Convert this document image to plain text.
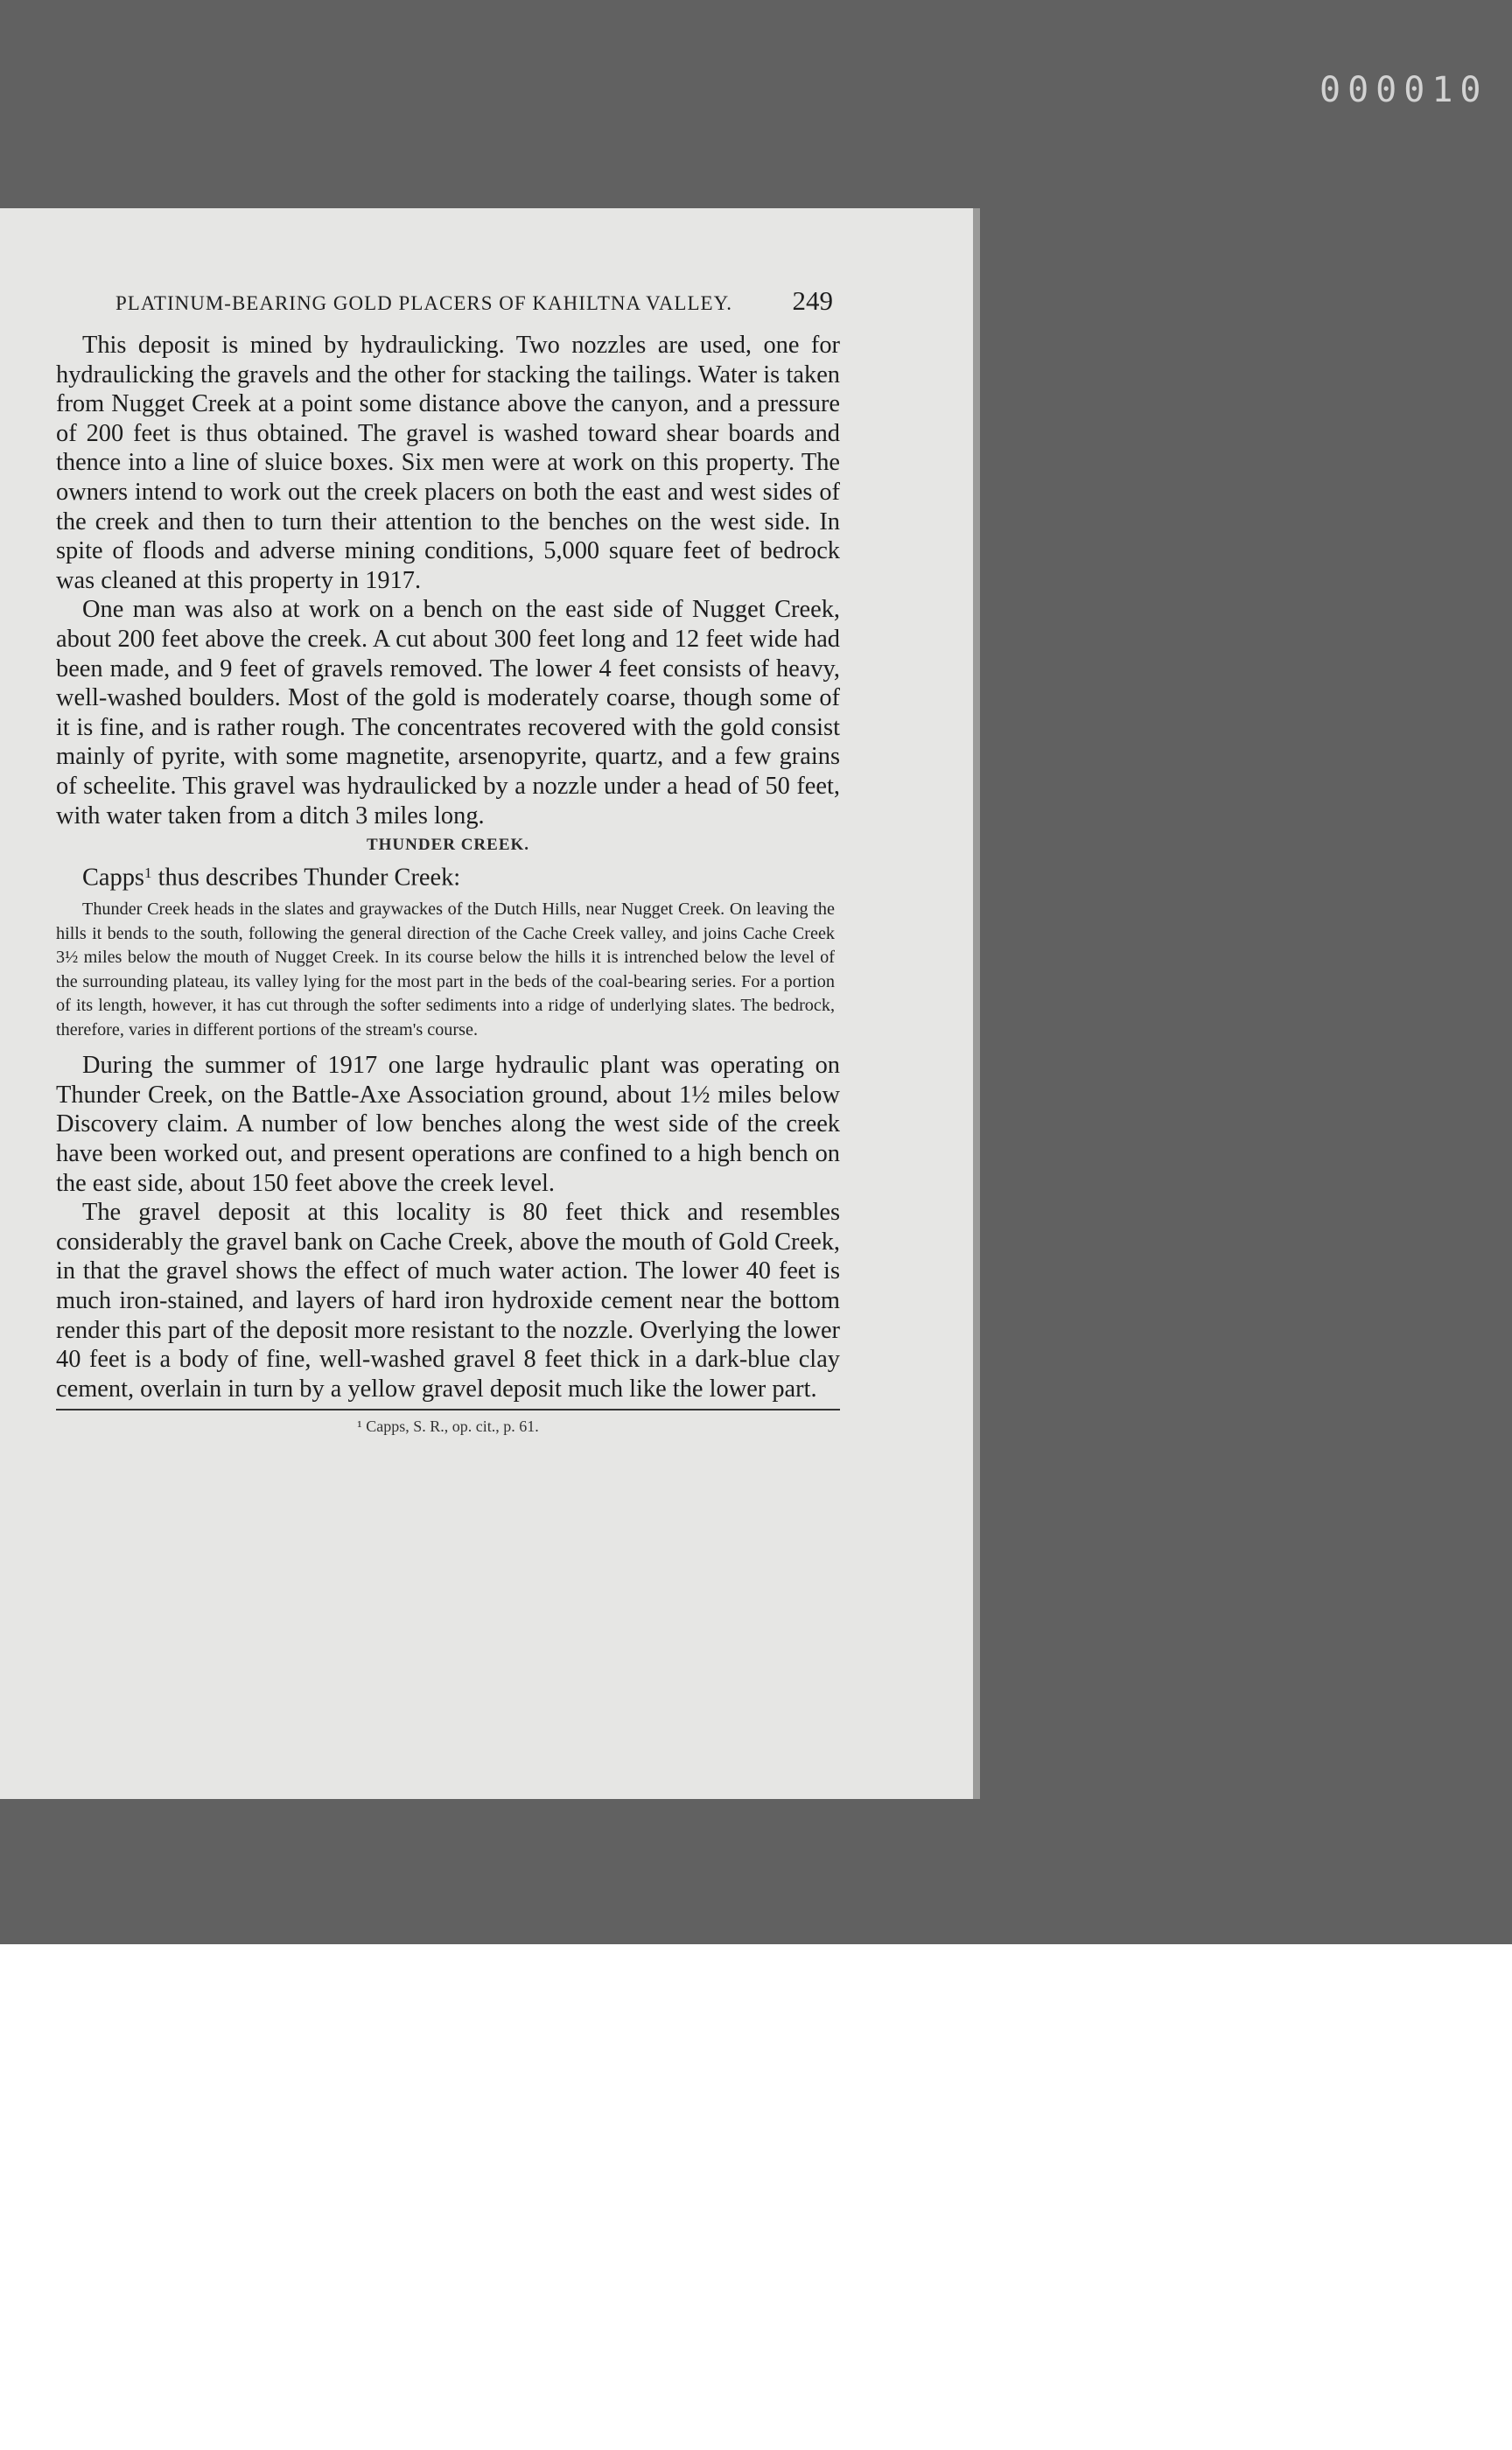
000010
PLATINUM-BEARING GOLD PLACERS OF KAHILTNA VALLEY. 249

This deposit is mined by hydraulicking. Two nozzles are used, one for hydraulicking the gravels and the other for stacking the tailings. Water is taken from Nugget Creek at a point some distance above the canyon, and a pressure of 200 feet is thus obtained. The gravel is washed toward shear boards and thence into a line of sluice boxes. Six men were at work on this property. The owners intend to work out the creek placers on both the east and west sides of the creek and then to turn their attention to the benches on the west side. In spite of floods and adverse mining conditions, 5,000 square feet of bedrock was cleaned at this property in 1917.

One man was also at work on a bench on the east side of Nugget Creek, about 200 feet above the creek. A cut about 300 feet long and 12 feet wide had been made, and 9 feet of gravels removed. The lower 4 feet consists of heavy, well-washed boulders. Most of the gold is moderately coarse, though some of it is fine, and is rather rough. The concentrates recovered with the gold consist mainly of pyrite, with some magnetite, arsenopyrite, quartz, and a few grains of scheelite. This gravel was hydraulicked by a nozzle under a head of 50 feet, with water taken from a ditch 3 miles long.

THUNDER CREEK.

Capps$^1$ thus describes Thunder Creek:

Thunder Creek heads in the slates and graywackes of the Dutch Hills, near Nugget Creek. On leaving the hills it bends to the south, following the general direction of the Cache Creek valley, and joins Cache Creek 3½ miles below the mouth of Nugget Creek. In its course below the hills it is intrenched below the level of the surrounding plateau, its valley lying for the most part in the beds of the coal-bearing series. For a portion of its length, however, it has cut through the softer sediments into a ridge of underlying slates. The bedrock, therefore, varies in different portions of the stream's course.

During the summer of 1917 one large hydraulic plant was operating on Thunder Creek, on the Battle-Axe Association ground, about 1½ miles below Discovery claim. A number of low benches along the west side of the creek have been worked out, and present operations are confined to a high bench on the east side, about 150 feet above the creek level.

The gravel deposit at this locality is 80 feet thick and resembles considerably the gravel bank on Cache Creek, above the mouth of Gold Creek, in that the gravel shows the effect of much water action. The lower 40 feet is much iron-stained, and layers of hard iron hydroxide cement near the bottom render this part of the deposit more resistant to the nozzle. Overlying the lower 40 feet is a body of fine, well-washed gravel 8 feet thick in a dark-blue clay cement, overlain in turn by a yellow gravel deposit much like the lower part.

¹ Capps, S. R., op. cit., p. 61.
